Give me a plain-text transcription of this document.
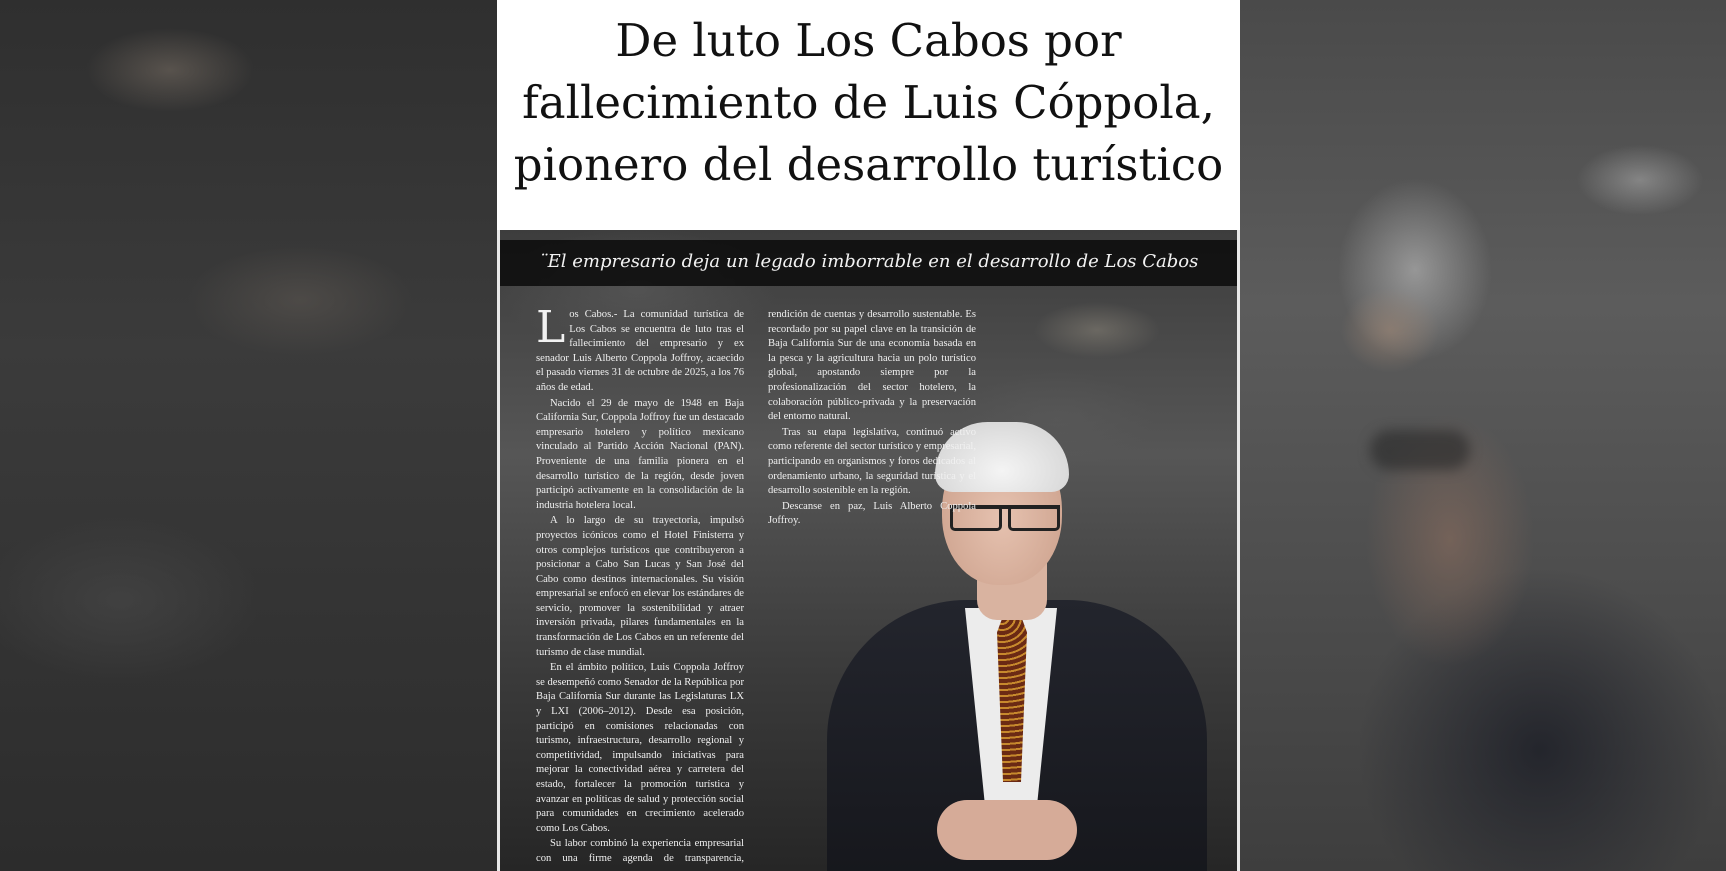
De luto Los Cabos por
fallecimiento de Luis Cóppola,
pionero del desarrollo turístico
¨El empresario deja un legado imborrable en el desarrollo de Los Cabos

Los Cabos.- La comunidad turística de Los Cabos se encuentra de luto tras el fallecimiento del empresario y ex senador Luis Alberto Coppola Joffroy, acaecido el pasado viernes 31 de octubre de 2025, a los 76 años de edad.

Nacido el 29 de mayo de 1948 en Baja California Sur, Coppola Joffroy fue un destacado empresario hotelero y político mexicano vinculado al Partido Acción Nacional (PAN). Proveniente de una familia pionera en el desarrollo turístico de la región, desde joven participó activamente en la consolidación de la industria hotelera local.

A lo largo de su trayectoria, impulsó proyectos icónicos como el Hotel Finisterra y otros complejos turísticos que contribuyeron a posicionar a Cabo San Lucas y San José del Cabo como destinos internacionales. Su visión empresarial se enfocó en elevar los estándares de servicio, promover la sostenibilidad y atraer inversión privada, pilares fundamentales en la transformación de Los Cabos en un referente del turismo de clase mundial.

En el ámbito político, Luis Coppola Joffroy se desempeñó como Senador de la República por Baja California Sur durante las Legislaturas LX y LXI (2006–2012). Desde esa posición, participó en comisiones relacionadas con turismo, infraestructura, desarrollo regional y competitividad, impulsando iniciativas para mejorar la conectividad aérea y carretera del estado, fortalecer la promoción turística y avanzar en políticas de salud y protección social para comunidades en crecimiento acelerado como Los Cabos.

Su labor combinó la experiencia empresarial con una firme agenda de transparencia, rendición de cuentas y desarrollo sustentable. Es recordado por su papel clave en la transición de Baja California Sur de una economía basada en la pesca y la agricultura hacia un polo turístico global, apostando siempre por la profesionalización del sector hotelero, la colaboración público-privada y la preservación del entorno natural.

Tras su etapa legislativa, continuó activo como referente del sector turístico y empresarial, participando en organismos y foros dedicados al ordenamiento urbano, la seguridad turística y el desarrollo sostenible en la región.

Descanse en paz, Luis Alberto Coppola Joffroy.
